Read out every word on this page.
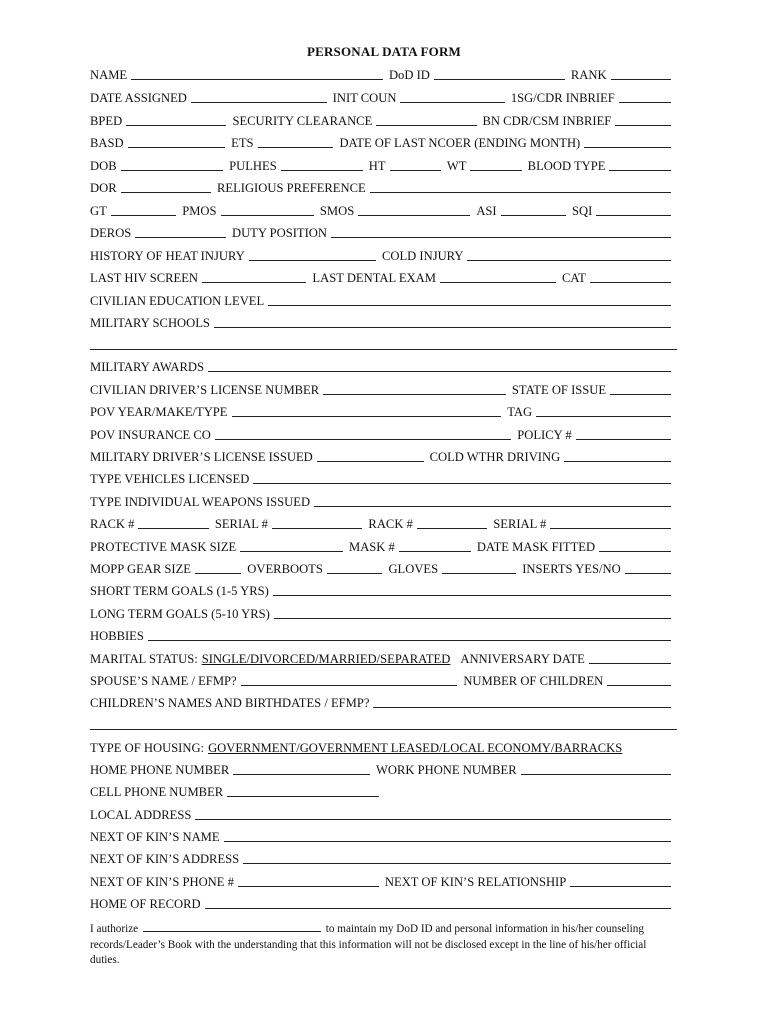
PERSONAL DATA FORM
NAME	DoD ID	RANK
DATE ASSIGNED	INIT COUN	1SG/CDR INBRIEF
BPED	SECURITY CLEARANCE	BN CDR/CSM INBRIEF
BASD	ETS	DATE OF LAST NCOER (ENDING MONTH)
DOB	PULHES	HT	WT	BLOOD TYPE
DOR	RELIGIOUS PREFERENCE
GT	PMOS	SMOS	ASI	SQI
DEROS	DUTY POSITION
HISTORY OF HEAT INJURY	COLD INJURY
LAST HIV SCREEN	LAST DENTAL EXAM	CAT
CIVILIAN EDUCATION LEVEL
MILITARY SCHOOLS
MILITARY AWARDS
CIVILIAN DRIVER’S LICENSE NUMBER	STATE OF ISSUE
POV YEAR/MAKE/TYPE	TAG
POV INSURANCE CO	POLICY #
MILITARY DRIVER’S LICENSE ISSUED	COLD WTHR DRIVING
TYPE VEHICLES LICENSED
TYPE INDIVIDUAL WEAPONS ISSUED
RACK #	SERIAL #	RACK #	SERIAL #
PROTECTIVE MASK SIZE	MASK #	DATE MASK FITTED
MOPP GEAR SIZE	OVERBOOTS	GLOVES	INSERTS YES/NO
SHORT TERM GOALS (1-5 YRS)
LONG TERM GOALS (5-10 YRS)
HOBBIES
MARITAL STATUS: SINGLE/DIVORCED/MARRIED/SEPARATED ANNIVERSARY DATE
SPOUSE’S NAME / EFMP?	NUMBER OF CHILDREN
CHILDREN’S NAMES AND BIRTHDATES / EFMP?
TYPE OF HOUSING: GOVERNMENT/GOVERNMENT LEASED/LOCAL ECONOMY/BARRACKS
HOME PHONE NUMBER	WORK PHONE NUMBER
CELL PHONE NUMBER
LOCAL ADDRESS
NEXT OF KIN’S NAME
NEXT OF KIN’S ADDRESS
NEXT OF KIN’S PHONE #	NEXT OF KIN’S RELATIONSHIP
HOME OF RECORD
I authorize	to maintain my DoD ID and personal information in his/her counseling records/Leader’s Book with the understanding that this information will not be disclosed except in the line of his/her official duties.
